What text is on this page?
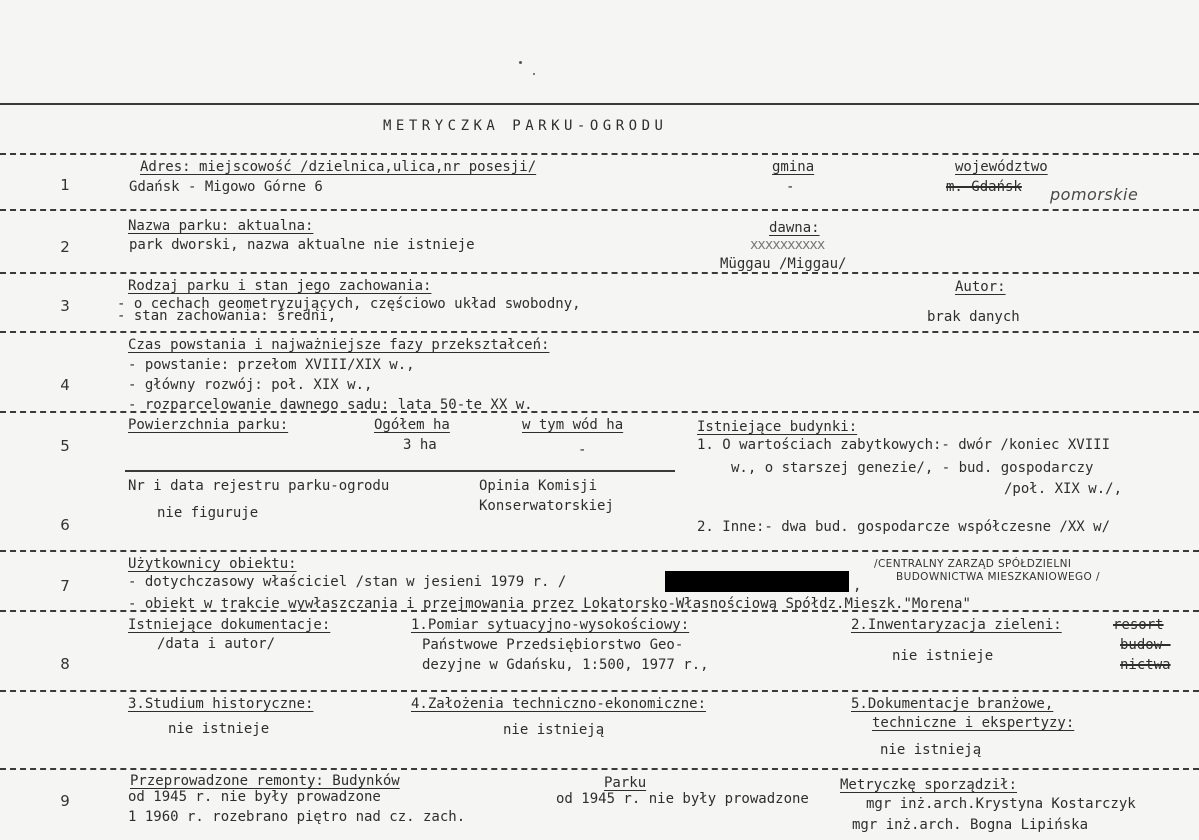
METRYCZKA PARKU-OGRODU
1
Adres: miejscowość /dzielnica,ulica,nr posesji/
Gdańsk - Migowo Górne 6
gmina
-
województwo
m. Gdańsk pomorskie
2
Nazwa parku: aktualna:
park dworski, nazwa aktualne nie istnieje
dawna:
xxxxxxxxxx
Müggau /Miggau/
3
Rodzaj parku i stan jego zachowania:
- o cechach geometryzujących, częściowo układ swobodny,
- stan zachowania: średni,
Autor:
brak danych
4
Czas powstania i najważniejsze fazy przekształceń:
- powstanie: przełom XVIII/XIX w.,
- główny rozwój: poł. XIX w.,
- rozparcelowanie dawnego sadu: lata 50-te XX w.
5
Powierzchnia parku:	Ogółem ha
3 ha
w tym wód ha
-
Istniejące budynki:
1. O wartościach zabytkowych:- dwór /koniec XVIII
w., o starszej genezie/, - bud. gospodarczy
/poł. XIX w./,
6
Nr i data rejestru parku-ogrodu
nie figuruje
Opinia Komisji
Konserwatorskiej
2. Inne:- dwa bud. gospodarcze współczesne /XX w/
7
Użytkownicy obiektu:
- dotychczasowy właściciel /stan w jesieni 1979 r. /	,
/CENTRALNY ZARZĄD SPÓŁDZIELNI
BUDOWNICTWA MIESZKANIOWEGO /
- obiekt w trakcie wywłaszczania i przejmowania przez Lokatorsko-Własnościową Spółdz.Mieszk."Morena"
8
Istniejące dokumentacje:
/data i autor/
1.Pomiar sytuacyjno-wysokościowy:
Państwowe Przedsiębiorstwo Geo-
dezyjne w Gdańsku, 1:500, 1977 r.,
2.Inwentaryzacja zieleni:
nie istnieje
resort
budow-
nictwa
3.Studium historyczne:
nie istnieje
4.Założenia techniczno-ekonomiczne:
nie istnieją
5.Dokumentacje branżowe,
techniczne i ekspertyzy:
nie istnieją
9
Przeprowadzone remonty: Budynków
od 1945 r. nie były prowadzone
1 1960 r. rozebrano piętro nad cz. zach.
Parku
od 1945 r. nie były prowadzone
Metryczkę sporządził:
mgr inż.arch.Krystyna Kostarczyk
mgr inż.arch. Bogna Lipińska
